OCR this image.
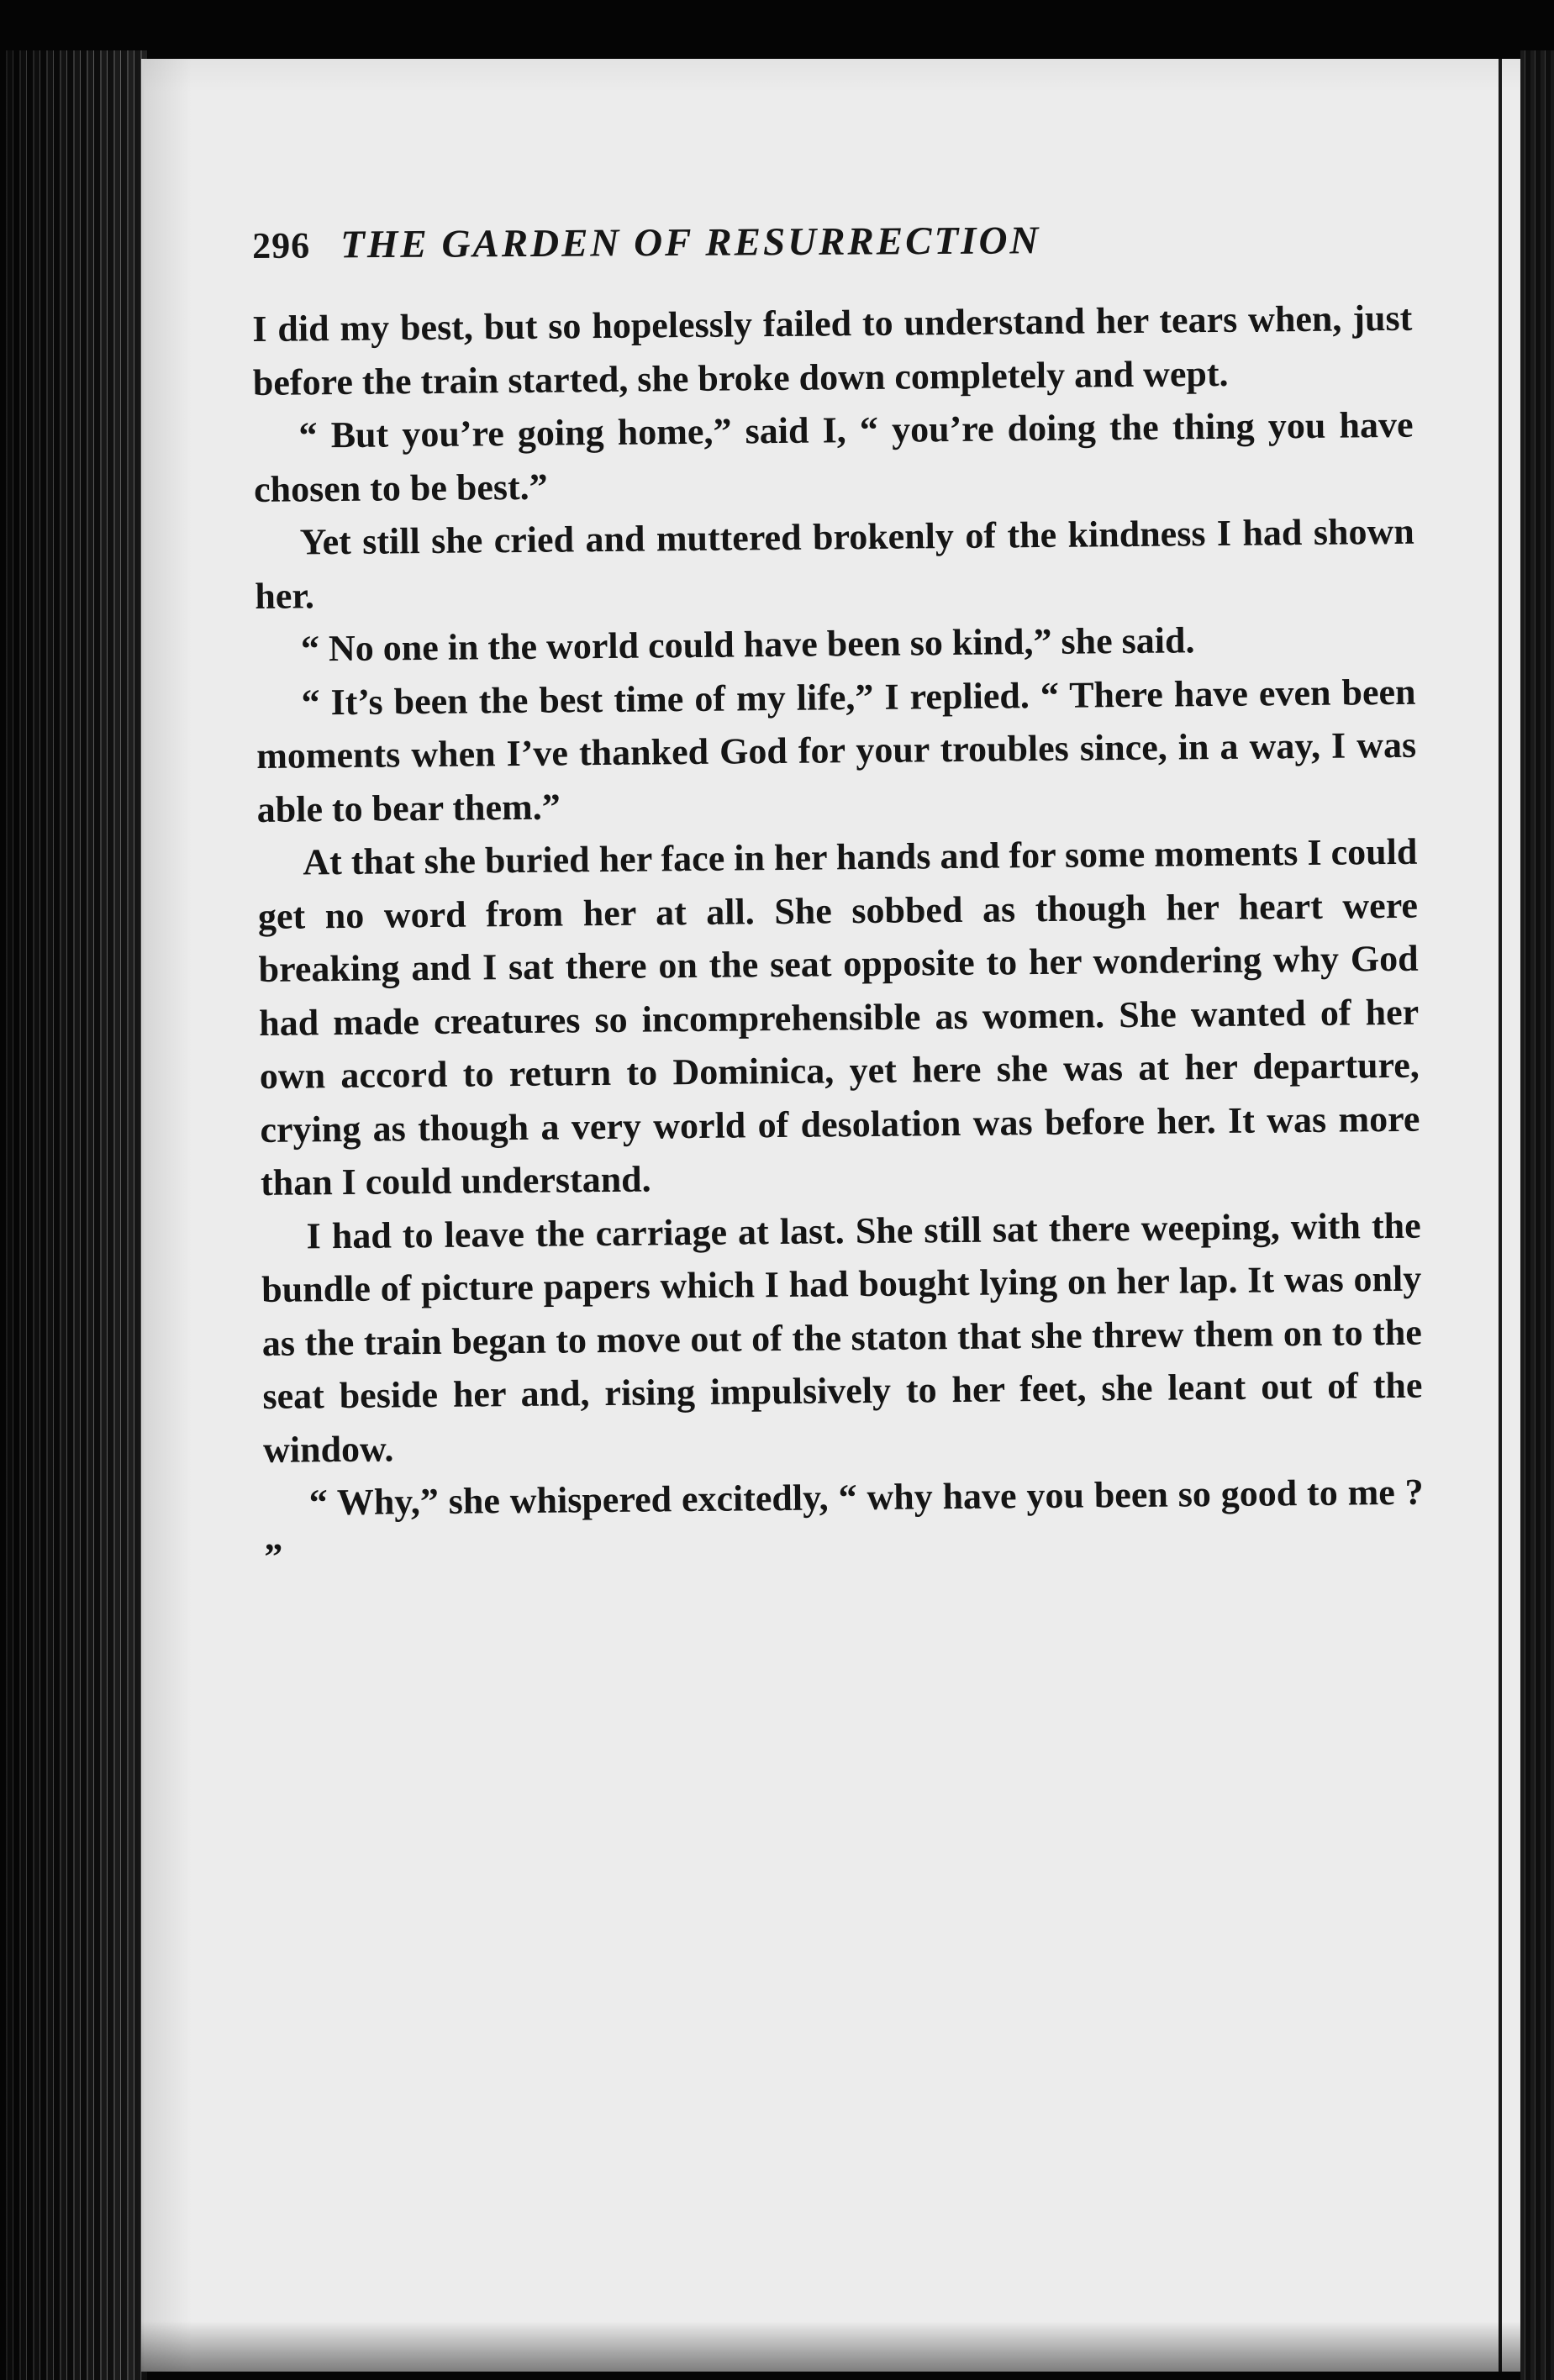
296 THE GARDEN OF RESURRECTION

I did my best, but so hopelessly failed to understand her tears when, just before the train started, she broke down completely and wept.

“ But you’re going home,” said I, “ you’re doing the thing you have chosen to be best.”

Yet still she cried and muttered brokenly of the kindness I had shown her.

“ No one in the world could have been so kind,” she said.

“ It’s been the best time of my life,” I replied. “ There have even been moments when I’ve thanked God for your troubles since, in a way, I was able to bear them.”

At that she buried her face in her hands and for some moments I could get no word from her at all. She sobbed as though her heart were breaking and I sat there on the seat opposite to her wondering why God had made creatures so incomprehensible as women. She wanted of her own accord to return to Dominica, yet here she was at her departure, crying as though a very world of desolation was before her. It was more than I could understand.

I had to leave the carriage at last. She still sat there weeping, with the bundle of picture papers which I had bought lying on her lap. It was only as the train began to move out of the staton that she threw them on to the seat beside her and, rising impulsively to her feet, she leant out of the window.

“ Why,” she whispered excitedly, “ why have you been so good to me ? ”
